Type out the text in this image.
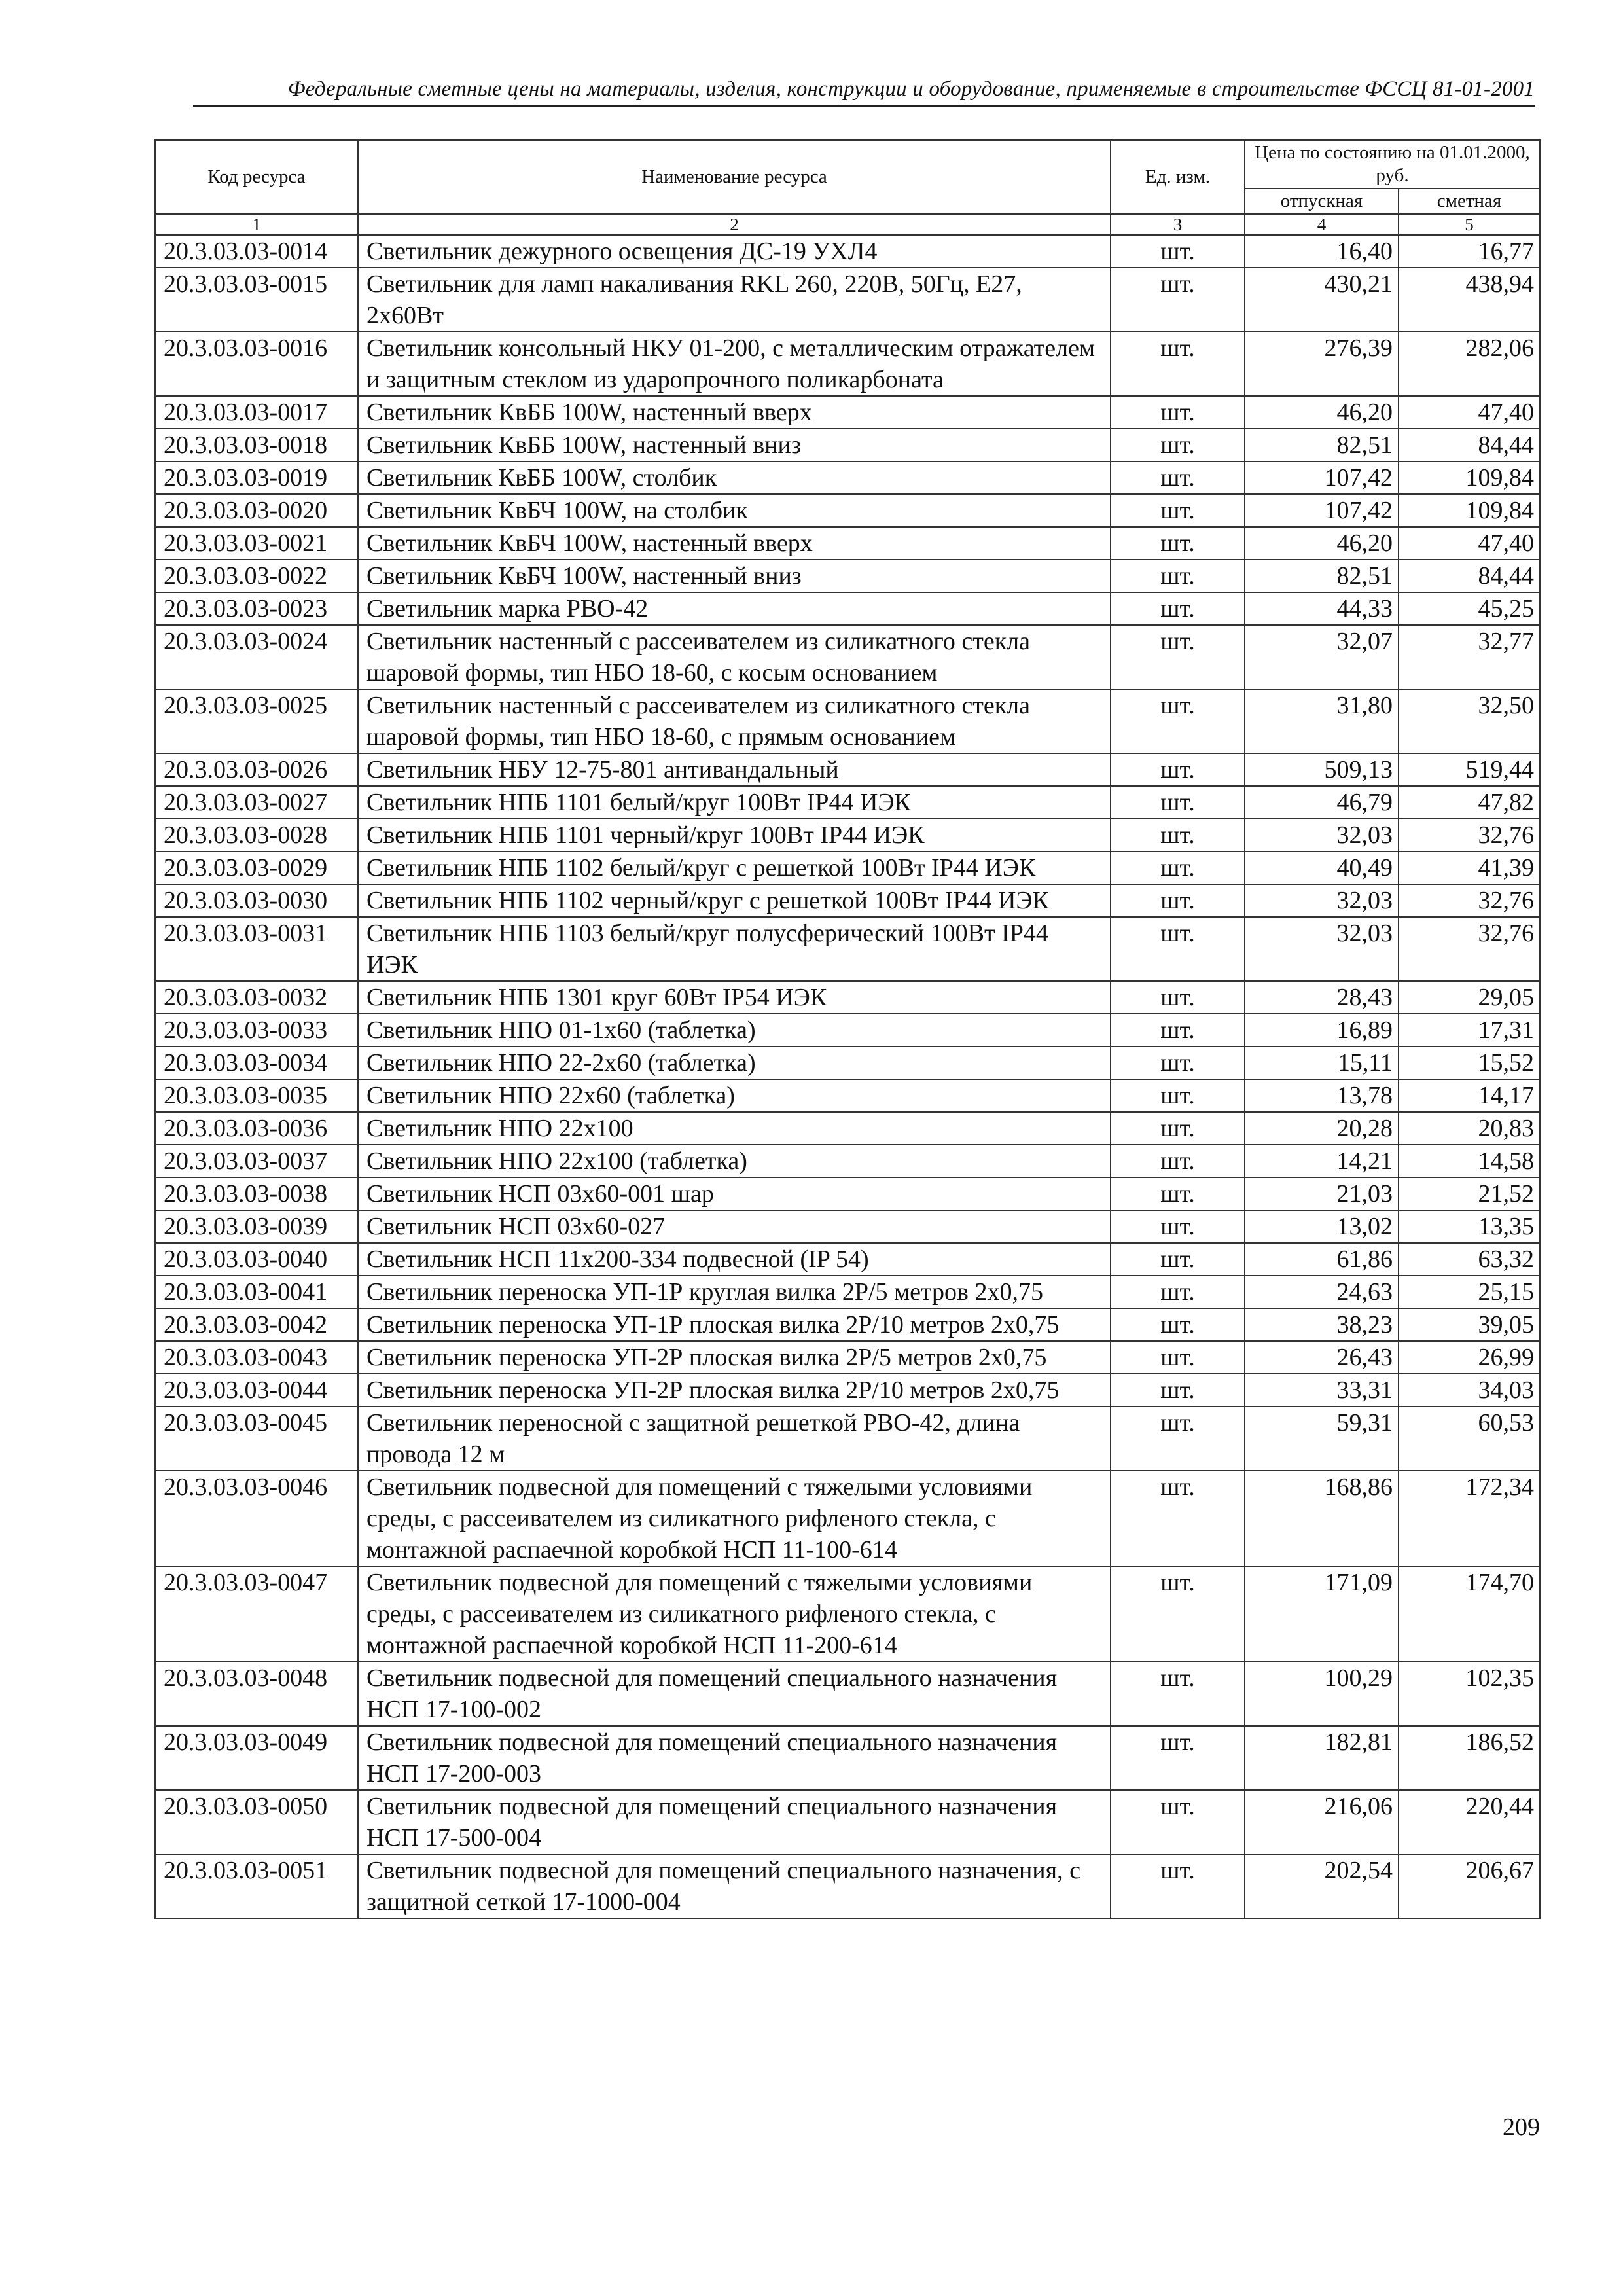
Федеральные сметные цены на материалы, изделия, конструкции и оборудование, применяемые в строительстве ФССЦ 81-01-2001
Код ресурса	Наименование ресурса	Ед. изм.	Цена по состоянию на 01.01.2000, руб.	
			отпускная	сметная
1	2	3	4	5
20.3.03.03-0014	Светильник дежурного освещения ДС-19 УХЛ4	шт.	16,40	16,77
20.3.03.03-0015	Светильник для ламп накаливания RKL 260, 220В, 50Гц, Е27, 2x60Вт	шт.	430,21	438,94
20.3.03.03-0016	Светильник консольный НКУ 01-200, с металлическим отражателем и защитным стеклом из ударопрочного поликарбоната	шт.	276,39	282,06
20.3.03.03-0017	Светильник КвББ 100W, настенный вверх	шт.	46,20	47,40
20.3.03.03-0018	Светильник КвББ 100W, настенный вниз	шт.	82,51	84,44
20.3.03.03-0019	Светильник КвББ 100W, столбик	шт.	107,42	109,84
20.3.03.03-0020	Светильник КвБЧ 100W, на столбик	шт.	107,42	109,84
20.3.03.03-0021	Светильник КвБЧ 100W, настенный вверх	шт.	46,20	47,40
20.3.03.03-0022	Светильник КвБЧ 100W, настенный вниз	шт.	82,51	84,44
20.3.03.03-0023	Светильник марка РВО-42	шт.	44,33	45,25
20.3.03.03-0024	Светильник настенный с рассеивателем из силикатного стекла шаровой формы, тип НБО 18-60, с косым основанием	шт.	32,07	32,77
20.3.03.03-0025	Светильник настенный с рассеивателем из силикатного стекла шаровой формы, тип НБО 18-60, с прямым основанием	шт.	31,80	32,50
20.3.03.03-0026	Светильник НБУ 12-75-801 антивандальный	шт.	509,13	519,44
20.3.03.03-0027	Светильник НПБ 1101 белый/круг 100Вт IP44 ИЭК	шт.	46,79	47,82
20.3.03.03-0028	Светильник НПБ 1101 черный/круг 100Вт IP44 ИЭК	шт.	32,03	32,76
20.3.03.03-0029	Светильник НПБ 1102 белый/круг с решеткой 100Вт IP44 ИЭК	шт.	40,49	41,39
20.3.03.03-0030	Светильник НПБ 1102 черный/круг с решеткой 100Вт IP44 ИЭК	шт.	32,03	32,76
20.3.03.03-0031	Светильник НПБ 1103 белый/круг полусферический 100Вт IP44 ИЭК	шт.	32,03	32,76
20.3.03.03-0032	Светильник НПБ 1301 круг 60Вт IP54 ИЭК	шт.	28,43	29,05
20.3.03.03-0033	Светильник НПО 01-1x60 (таблетка)	шт.	16,89	17,31
20.3.03.03-0034	Светильник НПО 22-2x60 (таблетка)	шт.	15,11	15,52
20.3.03.03-0035	Светильник НПО 22x60 (таблетка)	шт.	13,78	14,17
20.3.03.03-0036	Светильник НПО 22x100	шт.	20,28	20,83
20.3.03.03-0037	Светильник НПО 22x100 (таблетка)	шт.	14,21	14,58
20.3.03.03-0038	Светильник НСП 03x60-001 шар	шт.	21,03	21,52
20.3.03.03-0039	Светильник НСП 03x60-027	шт.	13,02	13,35
20.3.03.03-0040	Светильник НСП 11x200-334 подвесной (IP 54)	шт.	61,86	63,32
20.3.03.03-0041	Светильник переноска УП-1Р круглая вилка 2Р/5 метров 2x0,75	шт.	24,63	25,15
20.3.03.03-0042	Светильник переноска УП-1Р плоская вилка 2Р/10 метров 2x0,75	шт.	38,23	39,05
20.3.03.03-0043	Светильник переноска УП-2Р плоская вилка 2Р/5 метров 2x0,75	шт.	26,43	26,99
20.3.03.03-0044	Светильник переноска УП-2Р плоская вилка 2Р/10 метров 2x0,75	шт.	33,31	34,03
20.3.03.03-0045	Светильник переносной с защитной решеткой РВО-42, длина провода 12 м	шт.	59,31	60,53
20.3.03.03-0046	Светильник подвесной для помещений с тяжелыми условиями среды, с рассеивателем из силикатного рифленого стекла, с монтажной распаечной коробкой НСП 11-100-614	шт.	168,86	172,34
20.3.03.03-0047	Светильник подвесной для помещений с тяжелыми условиями среды, с рассеивателем из силикатного рифленого стекла, с монтажной распаечной коробкой НСП 11-200-614	шт.	171,09	174,70
20.3.03.03-0048	Светильник подвесной для помещений специального назначения НСП 17-100-002	шт.	100,29	102,35
20.3.03.03-0049	Светильник подвесной для помещений специального назначения НСП 17-200-003	шт.	182,81	186,52
20.3.03.03-0050	Светильник подвесной для помещений специального назначения НСП 17-500-004	шт.	216,06	220,44
20.3.03.03-0051	Светильник подвесной для помещений специального назначения, с защитной сеткой 17-1000-004	шт.	202,54	206,67
209
